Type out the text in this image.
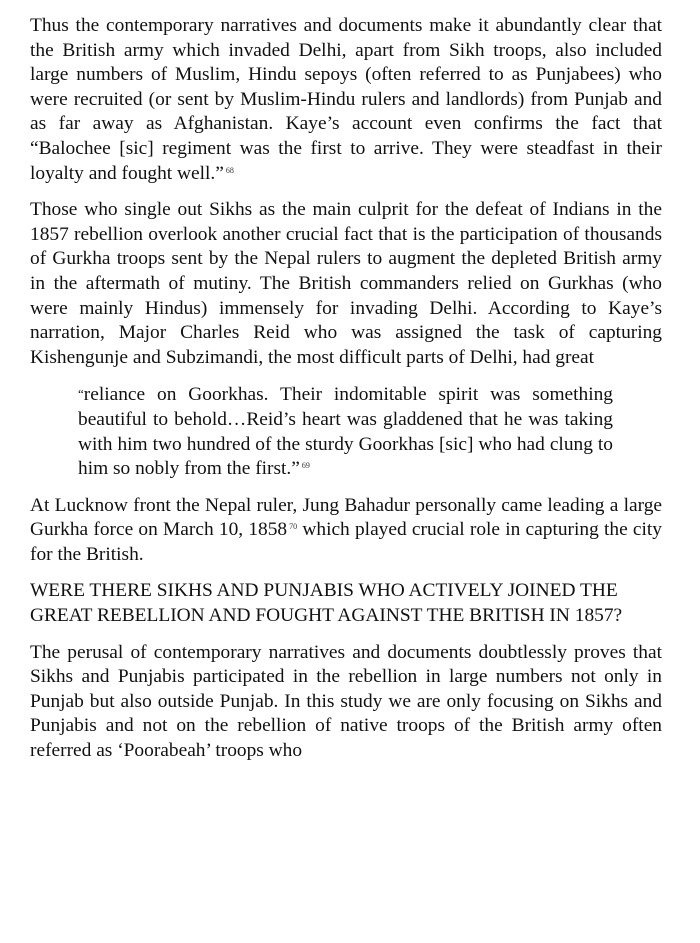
Thus the contemporary narratives and documents make it abundantly clear that the British army which invaded Delhi, apart from Sikh troops, also included large numbers of Muslim, Hindu sepoys (often referred to as Punjabees) who were recruited (or sent by Muslim-Hindu rulers and landlords) from Punjab and as far away as Afghanistan. Kaye’s account even confirms the fact that “Balochee [sic] regiment was the first to arrive. They were steadfast in their loyalty and fought well.” $^{68}$

Those who single out Sikhs as the main culprit for the defeat of Indians in the 1857 rebellion overlook another crucial fact that is the participation of thousands of Gurkha troops sent by the Nepal rulers to augment the depleted British army in the aftermath of mutiny. The British commanders relied on Gurkhas (who were mainly Hindus) immensely for invading Delhi. According to Kaye’s narration, Major Charles Reid who was assigned the task of capturing Kishengunje and Subzimandi, the most difficult parts of Delhi, had great

“reliance on Goorkhas. Their indomitable spirit was something beautiful to behold…Reid’s heart was gladdened that he was taking with him two hundred of the sturdy Goorkhas [sic] who had clung to him so nobly from the first.” $^{69}$

At Lucknow front the Nepal ruler, Jung Bahadur personally came leading a large Gurkha force on March 10, 1858 $^{70}$ which played crucial role in capturing the city for the British.

WERE THERE SIKHS AND PUNJABIS WHO ACTIVELY JOINED THE GREAT REBELLION AND FOUGHT AGAINST THE BRITISH IN 1857?

The perusal of contemporary narratives and documents doubtlessly proves that Sikhs and Punjabis participated in the rebellion in large numbers not only in Punjab but also outside Punjab. In this study we are only focusing on Sikhs and Punjabis and not on the rebellion of native troops of the British army often referred as ‘Poorabeah’ troops who
